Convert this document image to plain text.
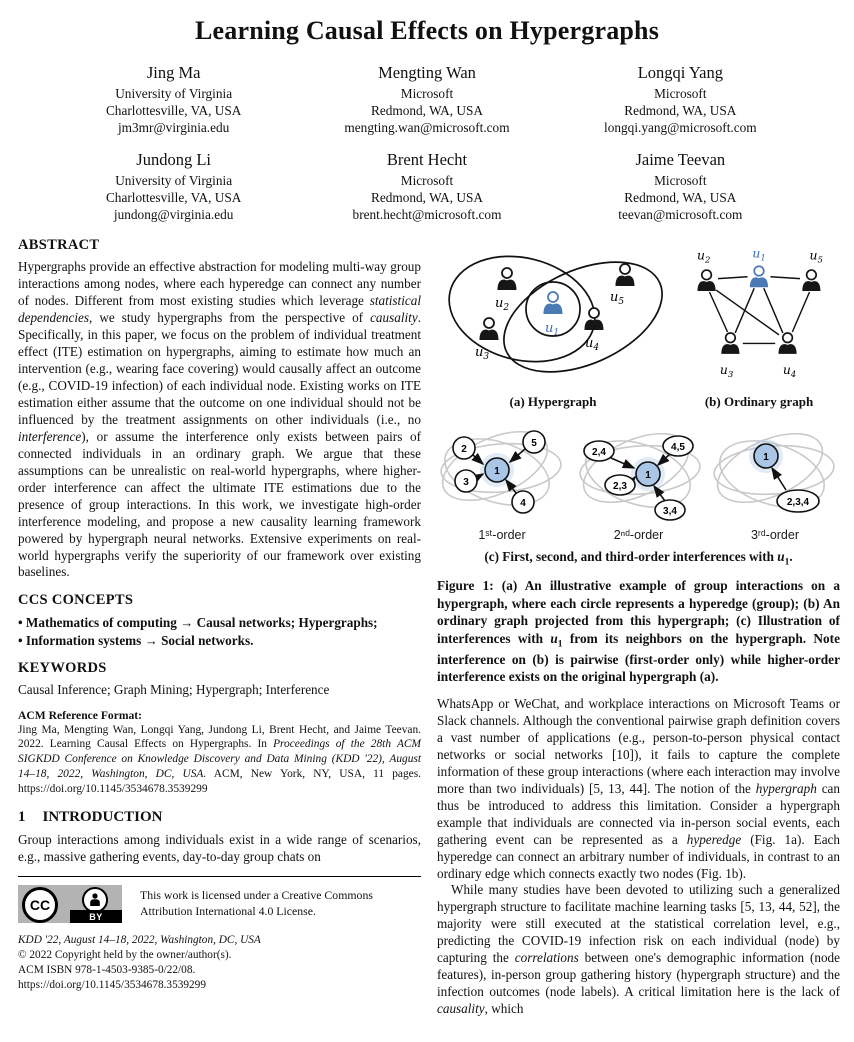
Learning Causal Effects on Hypergraphs
Jing Ma
University of Virginia
Charlottesville, VA, USA
jm3mr@virginia.edu
Mengting Wan
Microsoft
Redmond, WA, USA
mengting.wan@microsoft.com
Longqi Yang
Microsoft
Redmond, WA, USA
longqi.yang@microsoft.com
Jundong Li
University of Virginia
Charlottesville, VA, USA
jundong@virginia.edu
Brent Hecht
Microsoft
Redmond, WA, USA
brent.hecht@microsoft.com
Jaime Teevan
Microsoft
Redmond, WA, USA
teevan@microsoft.com
ABSTRACT

Hypergraphs provide an effective abstraction for modeling multi-way group interactions among nodes, where each hyperedge can connect any number of nodes. Different from most existing studies which leverage statistical dependencies, we study hypergraphs from the perspective of causality. Specifically, in this paper, we focus on the problem of individual treatment effect (ITE) estimation on hypergraphs, aiming to estimate how much an intervention (e.g., wearing face covering) would causally affect an outcome (e.g., COVID-19 infection) of each individual node. Existing works on ITE estimation either assume that the outcome on one individual should not be influenced by the treatment assignments on other individuals (i.e., no interference), or assume the interference only exists between pairs of connected individuals in an ordinary graph. We argue that these assumptions can be unrealistic on real-world hypergraphs, where higher-order interference can affect the ultimate ITE estimations due to the presence of group interactions. In this work, we investigate high-order interference modeling, and propose a new causality learning framework powered by hypergraph neural networks. Extensive experiments on real-world hypergraphs verify the superiority of our framework over existing baselines.

CCS CONCEPTS

• Mathematics of computing → Causal networks; Hypergraphs;

• Information systems → Social networks.

KEYWORDS

Causal Inference; Graph Mining; Hypergraph; Interference

ACM Reference Format:

Jing Ma, Mengting Wan, Longqi Yang, Jundong Li, Brent Hecht, and Jaime Teevan. 2022. Learning Causal Effects on Hypergraphs. In Proceedings of the 28th ACM SIGKDD Conference on Knowledge Discovery and Data Mining (KDD '22), August 14–18, 2022, Washington, DC, USA. ACM, New York, NY, USA, 11 pages. https://doi.org/10.1145/3534678.3539299

1 INTRODUCTION

Group interactions among individuals exist in a wide range of scenarios, e.g., massive gathering events, day-to-day group chats on

CC
BY
This work is licensed under a Creative Commons Attribution International 4.0 License.
KDD '22, August 14–18, 2022, Washington, DC, USA
© 2022 Copyright held by the owner/author(s).
ACM ISBN 978-1-4503-9385-0/22/08.
https://doi.org/10.1145/3534678.3539299
$u_2$
$u_3$
$u_1$
$u_5$
$u_4$
(a) Hypergraph
$u_2$	$u_1$	$u_5$
$u_3$	$u_4$
(b) Ordinary graph
2
3
5
4
1
1ˢᵗ-order
2,4
2,3
4,5
3,4
1
2ⁿᵈ-order
2,3,4
1
3ʳᵈ-order
(c) First, second, and third-order interferences with $u_1$.

Figure 1: (a) An illustrative example of group interactions on a hypergraph, where each circle represents a hyperedge (group); (b) An ordinary graph projected from this hypergraph; (c) Illustration of interferences with $u_1$ from its neighbors on the hypergraph. Note interference on (b) is pairwise (first-order only) while higher-order interference exists on the original hypergraph (a).

WhatsApp or WeChat, and workplace interactions on Microsoft Teams or Slack channels. Although the conventional pairwise graph definition covers a vast number of applications (e.g., person-to-person physical contact networks or social networks [10]), it fails to capture the complete information of these group interactions (where each interaction may involve more than two individuals) [5, 13, 44]. The notion of the hypergraph can thus be introduced to address this limitation. Consider a hypergraph example that individuals are connected via in-person social events, each gathering event can be represented as a hyperedge (Fig. 1a). Each hyperedge can connect an arbitrary number of individuals, in contrast to an ordinary edge which connects exactly two nodes (Fig. 1b).

While many studies have been devoted to utilizing such a generalized hypergraph structure to facilitate machine learning tasks [5, 13, 44, 52], the majority were still executed at the statistical correlation level, e.g., predicting the COVID-19 infection risk on each individual (node) by capturing the correlations between one's demographic information (node features), in-person group gathering history (hypergraph structure) and the infection outcomes (node labels). A critical limitation here is the lack of causality, which
